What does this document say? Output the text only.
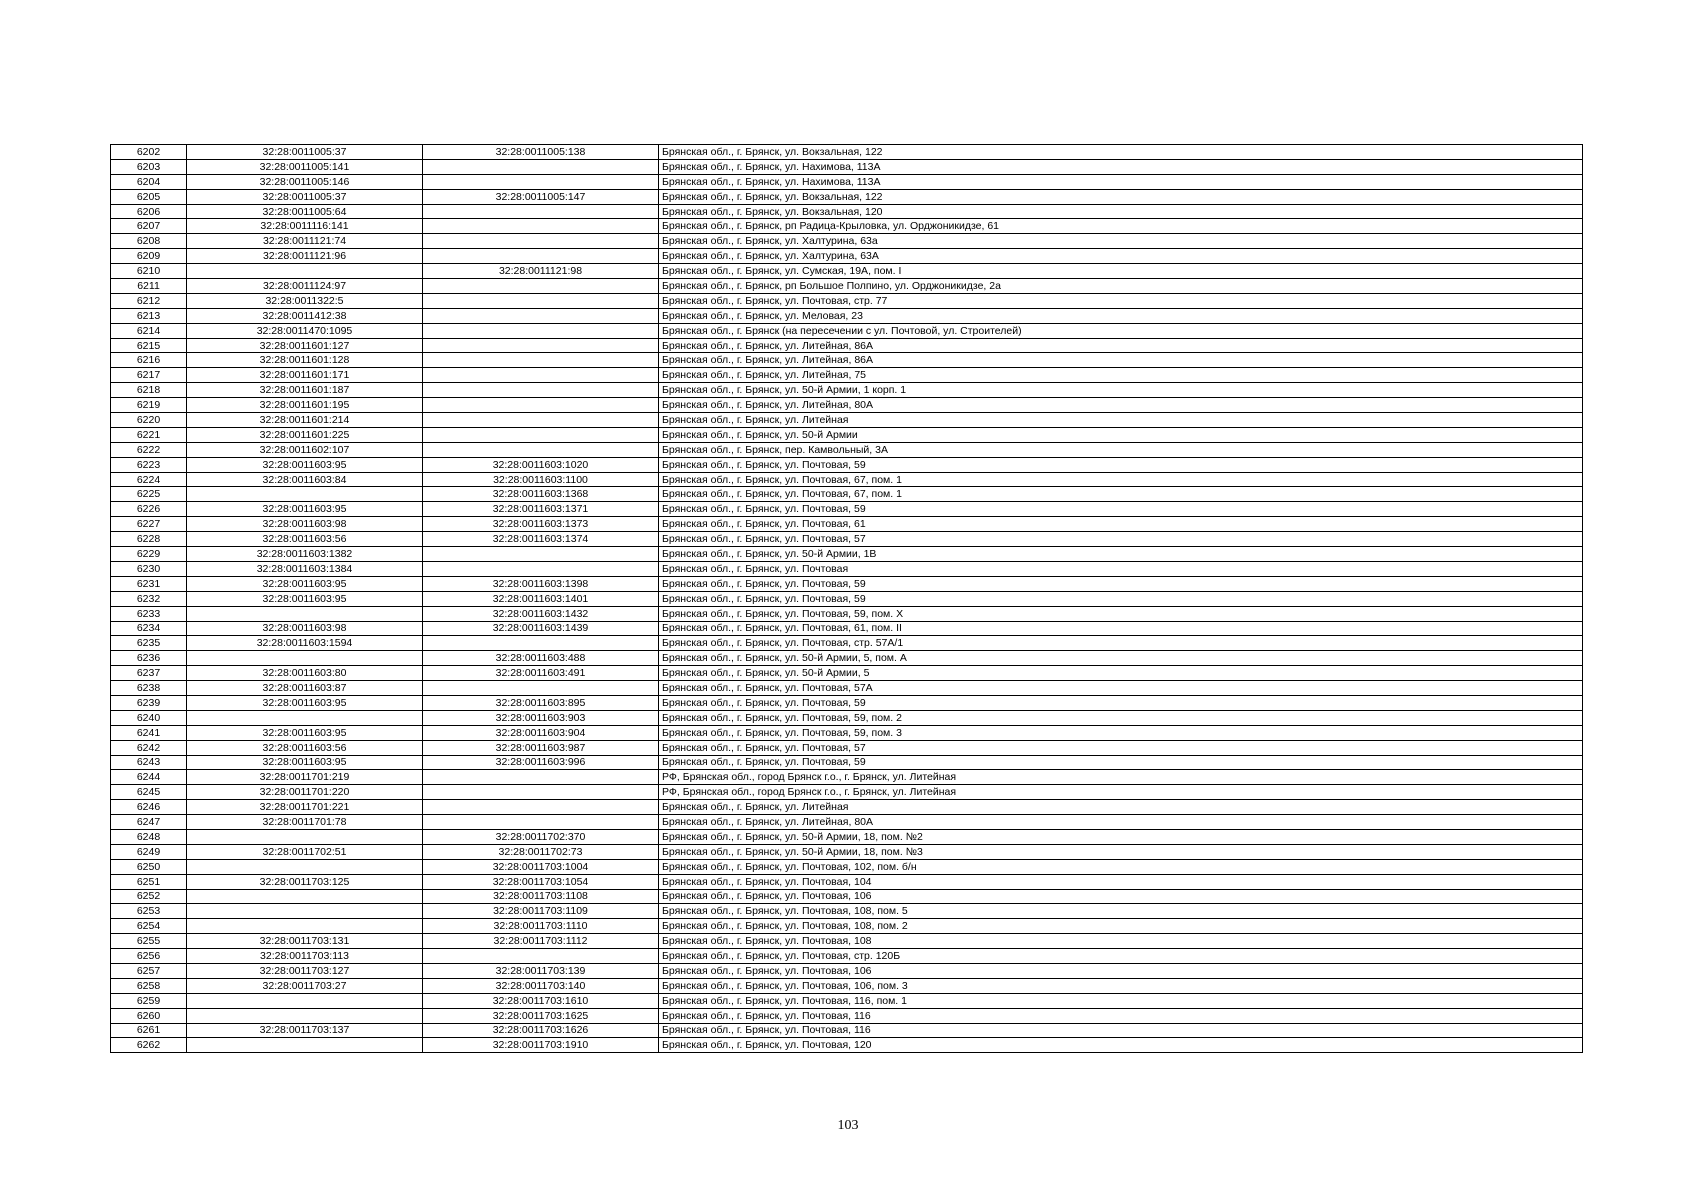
6202	32:28:0011005:37	32:28:0011005:138	Брянская обл., г. Брянск, ул. Вокзальная, 122
6203	32:28:0011005:141		Брянская обл., г. Брянск, ул. Нахимова, 113А
6204	32:28:0011005:146		Брянская обл., г. Брянск, ул. Нахимова, 113А
6205	32:28:0011005:37	32:28:0011005:147	Брянская обл., г. Брянск, ул. Вокзальная, 122
6206	32:28:0011005:64		Брянская обл., г. Брянск, ул. Вокзальная, 120
6207	32:28:0011116:141		Брянская обл., г. Брянск, рп Радица-Крыловка, ул. Орджоникидзе, 61
6208	32:28:0011121:74		Брянская обл., г. Брянск, ул. Халтурина, 63а
6209	32:28:0011121:96		Брянская обл., г. Брянск, ул. Халтурина, 63А
6210		32:28:0011121:98	Брянская обл., г. Брянск, ул. Сумская, 19А, пом. I
6211	32:28:0011124:97		Брянская обл., г. Брянск, рп Большое Полпино, ул. Орджоникидзе, 2а
6212	32:28:0011322:5		Брянская обл., г. Брянск, ул. Почтовая, стр. 77
6213	32:28:0011412:38		Брянская обл., г. Брянск, ул. Меловая, 23
6214	32:28:0011470:1095		Брянская обл., г. Брянск (на пересечении с ул. Почтовой, ул. Строителей)
6215	32:28:0011601:127		Брянская обл., г. Брянск, ул. Литейная, 86А
6216	32:28:0011601:128		Брянская обл., г. Брянск, ул. Литейная, 86А
6217	32:28:0011601:171		Брянская обл., г. Брянск, ул. Литейная, 75
6218	32:28:0011601:187		Брянская обл., г. Брянск, ул. 50-й Армии, 1 корп. 1
6219	32:28:0011601:195		Брянская обл., г. Брянск, ул. Литейная, 80А
6220	32:28:0011601:214		Брянская обл., г. Брянск, ул. Литейная
6221	32:28:0011601:225		Брянская обл., г. Брянск, ул. 50-й Армии
6222	32:28:0011602:107		Брянская обл., г. Брянск, пер. Камвольный, 3А
6223	32:28:0011603:95	32:28:0011603:1020	Брянская обл., г. Брянск, ул. Почтовая, 59
6224	32:28:0011603:84	32:28:0011603:1100	Брянская обл., г. Брянск, ул. Почтовая, 67, пом. 1
6225		32:28:0011603:1368	Брянская обл., г. Брянск, ул. Почтовая, 67, пом. 1
6226	32:28:0011603:95	32:28:0011603:1371	Брянская обл., г. Брянск, ул. Почтовая, 59
6227	32:28:0011603:98	32:28:0011603:1373	Брянская обл., г. Брянск, ул. Почтовая, 61
6228	32:28:0011603:56	32:28:0011603:1374	Брянская обл., г. Брянск, ул. Почтовая, 57
6229	32:28:0011603:1382		Брянская обл., г. Брянск, ул. 50-й Армии, 1В
6230	32:28:0011603:1384		Брянская обл., г. Брянск, ул. Почтовая
6231	32:28:0011603:95	32:28:0011603:1398	Брянская обл., г. Брянск, ул. Почтовая, 59
6232	32:28:0011603:95	32:28:0011603:1401	Брянская обл., г. Брянск, ул. Почтовая, 59
6233		32:28:0011603:1432	Брянская обл., г. Брянск, ул. Почтовая, 59, пом. X
6234	32:28:0011603:98	32:28:0011603:1439	Брянская обл., г. Брянск, ул. Почтовая, 61, пом. II
6235	32:28:0011603:1594		Брянская обл., г. Брянск, ул. Почтовая, стр. 57А/1
6236		32:28:0011603:488	Брянская обл., г. Брянск, ул. 50-й Армии, 5, пом. А
6237	32:28:0011603:80	32:28:0011603:491	Брянская обл., г. Брянск, ул. 50-й Армии, 5
6238	32:28:0011603:87		Брянская обл., г. Брянск, ул. Почтовая, 57А
6239	32:28:0011603:95	32:28:0011603:895	Брянская обл., г. Брянск, ул. Почтовая, 59
6240		32:28:0011603:903	Брянская обл., г. Брянск, ул. Почтовая, 59, пом. 2
6241	32:28:0011603:95	32:28:0011603:904	Брянская обл., г. Брянск, ул. Почтовая, 59, пом. 3
6242	32:28:0011603:56	32:28:0011603:987	Брянская обл., г. Брянск, ул. Почтовая, 57
6243	32:28:0011603:95	32:28:0011603:996	Брянская обл., г. Брянск, ул. Почтовая, 59
6244	32:28:0011701:219		РФ, Брянская обл., город Брянск г.о., г. Брянск, ул. Литейная
6245	32:28:0011701:220		РФ, Брянская обл., город Брянск г.о., г. Брянск, ул. Литейная
6246	32:28:0011701:221		Брянская обл., г. Брянск, ул. Литейная
6247	32:28:0011701:78		Брянская обл., г. Брянск, ул. Литейная, 80А
6248		32:28:0011702:370	Брянская обл., г. Брянск, ул. 50-й Армии, 18, пом. №2
6249	32:28:0011702:51	32:28:0011702:73	Брянская обл., г. Брянск, ул. 50-й Армии, 18, пом. №3
6250		32:28:0011703:1004	Брянская обл., г. Брянск, ул. Почтовая, 102, пом. б/н
6251	32:28:0011703:125	32:28:0011703:1054	Брянская обл., г. Брянск, ул. Почтовая, 104
6252		32:28:0011703:1108	Брянская обл., г. Брянск, ул. Почтовая, 106
6253		32:28:0011703:1109	Брянская обл., г. Брянск, ул. Почтовая, 108, пом. 5
6254		32:28:0011703:1110	Брянская обл., г. Брянск, ул. Почтовая, 108, пом. 2
6255	32:28:0011703:131	32:28:0011703:1112	Брянская обл., г. Брянск, ул. Почтовая, 108
6256	32:28:0011703:113		Брянская обл., г. Брянск, ул. Почтовая, стр. 120Б
6257	32:28:0011703:127	32:28:0011703:139	Брянская обл., г. Брянск, ул. Почтовая, 106
6258	32:28:0011703:27	32:28:0011703:140	Брянская обл., г. Брянск, ул. Почтовая, 106, пом. 3
6259		32:28:0011703:1610	Брянская обл., г. Брянск, ул. Почтовая, 116, пом. 1
6260		32:28:0011703:1625	Брянская обл., г. Брянск, ул. Почтовая, 116
6261	32:28:0011703:137	32:28:0011703:1626	Брянская обл., г. Брянск, ул. Почтовая, 116
6262		32:28:0011703:1910	Брянская обл., г. Брянск, ул. Почтовая, 120
103
